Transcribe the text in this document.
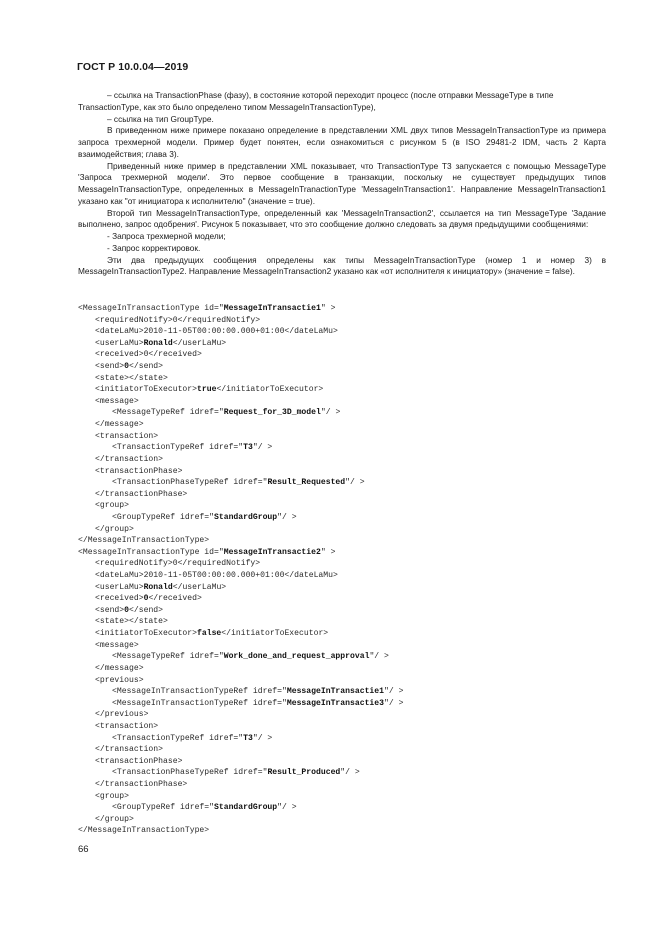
ГОСТ Р 10.0.04—2019

– ссылка на TransactionPhase (фазу), в состояние которой переходит процесс (после отправки MessageType в типе TransactionType, как это было определено типом MessageInTransactionType),

– ссылка на тип GroupType.

В приведенном ниже примере показано определение в представлении XML двух типов MessageInTransactionType из примера запроса трехмерной модели. Пример будет понятен, если ознакомиться с рисунком 5 (в ISO 29481-2 IDM, часть 2 Карта взаимодействия; глава 3).

Приведенный ниже пример в представлении XML показывает, что TransactionType T3 запускается с помощью MessageType 'Запроса трехмерной модели'. Это первое сообщение в транзакции, поскольку не существует предыдущих типов MessageInTransactionType, определенных в MessageInTranactionType 'MessageInTransaction1'. Направление MessageInTransaction1 указано как "от инициатора к исполнителю" (значение = true).

Второй тип MessageInTransactionType, определенный как 'MessageInTransaction2', ссылается на тип MessageType 'Задание выполнено, запрос одобрения'. Рисунок 5 показывает, что это сообщение должно следовать за двумя предыдущими сообщениями:

- Запроса трехмерной модели;

- Запрос корректировок.

Эти два предыдущих сообщения определены как типы MessageInTransactionType (номер 1 и номер 3) в MessageInTransactionType2. Направление MessageInTransaction2 указано как «от исполнителя к инициатору» (значение = false).

<MessageInTransactionType id="MessageInTransactie1" >
<requiredNotify>0</requiredNotify>
<dateLaMu>2010-11-05T00:00:00.000+01:00</dateLaMu>
<userLaMu>Ronald</userLaMu>
<received>0</received>
<send>0</send>
<state></state>
<initiatorToExecutor>true</initiatorToExecutor>
<message>
<MessageTypeRef idref="Request_for_3D_model"/ >
</message>
<transaction>
<TransactionTypeRef idref="T3"/ >
</transaction>
<transactionPhase>
<TransactionPhaseTypeRef idref="Result_Requested"/ >
</transactionPhase>
<group>
<GroupTypeRef idref="StandardGroup"/ >
</group>
</MessageInTransactionType>
<MessageInTransactionType id="MessageInTransactie2" >
<requiredNotify>0</requiredNotify>
<dateLaMu>2010-11-05T00:00:00.000+01:00</dateLaMu>
<userLaMu>Ronald</userLaMu>
<received>0</received>
<send>0</send>
<state></state>
<initiatorToExecutor>false</initiatorToExecutor>
<message>
<MessageTypeRef idref="Work_done_and_request_approval"/ >
</message>
<previous>
<MessageInTransactionTypeRef idref="MessageInTransactie1"/ >
<MessageInTransactionTypeRef idref="MessageInTransactie3"/ >
</previous>
<transaction>
<TransactionTypeRef idref="T3"/ >
</transaction>
<transactionPhase>
<TransactionPhaseTypeRef idref="Result_Produced"/ >
</transactionPhase>
<group>
<GroupTypeRef idref="StandardGroup"/ >
</group>
</MessageInTransactionType>
66
